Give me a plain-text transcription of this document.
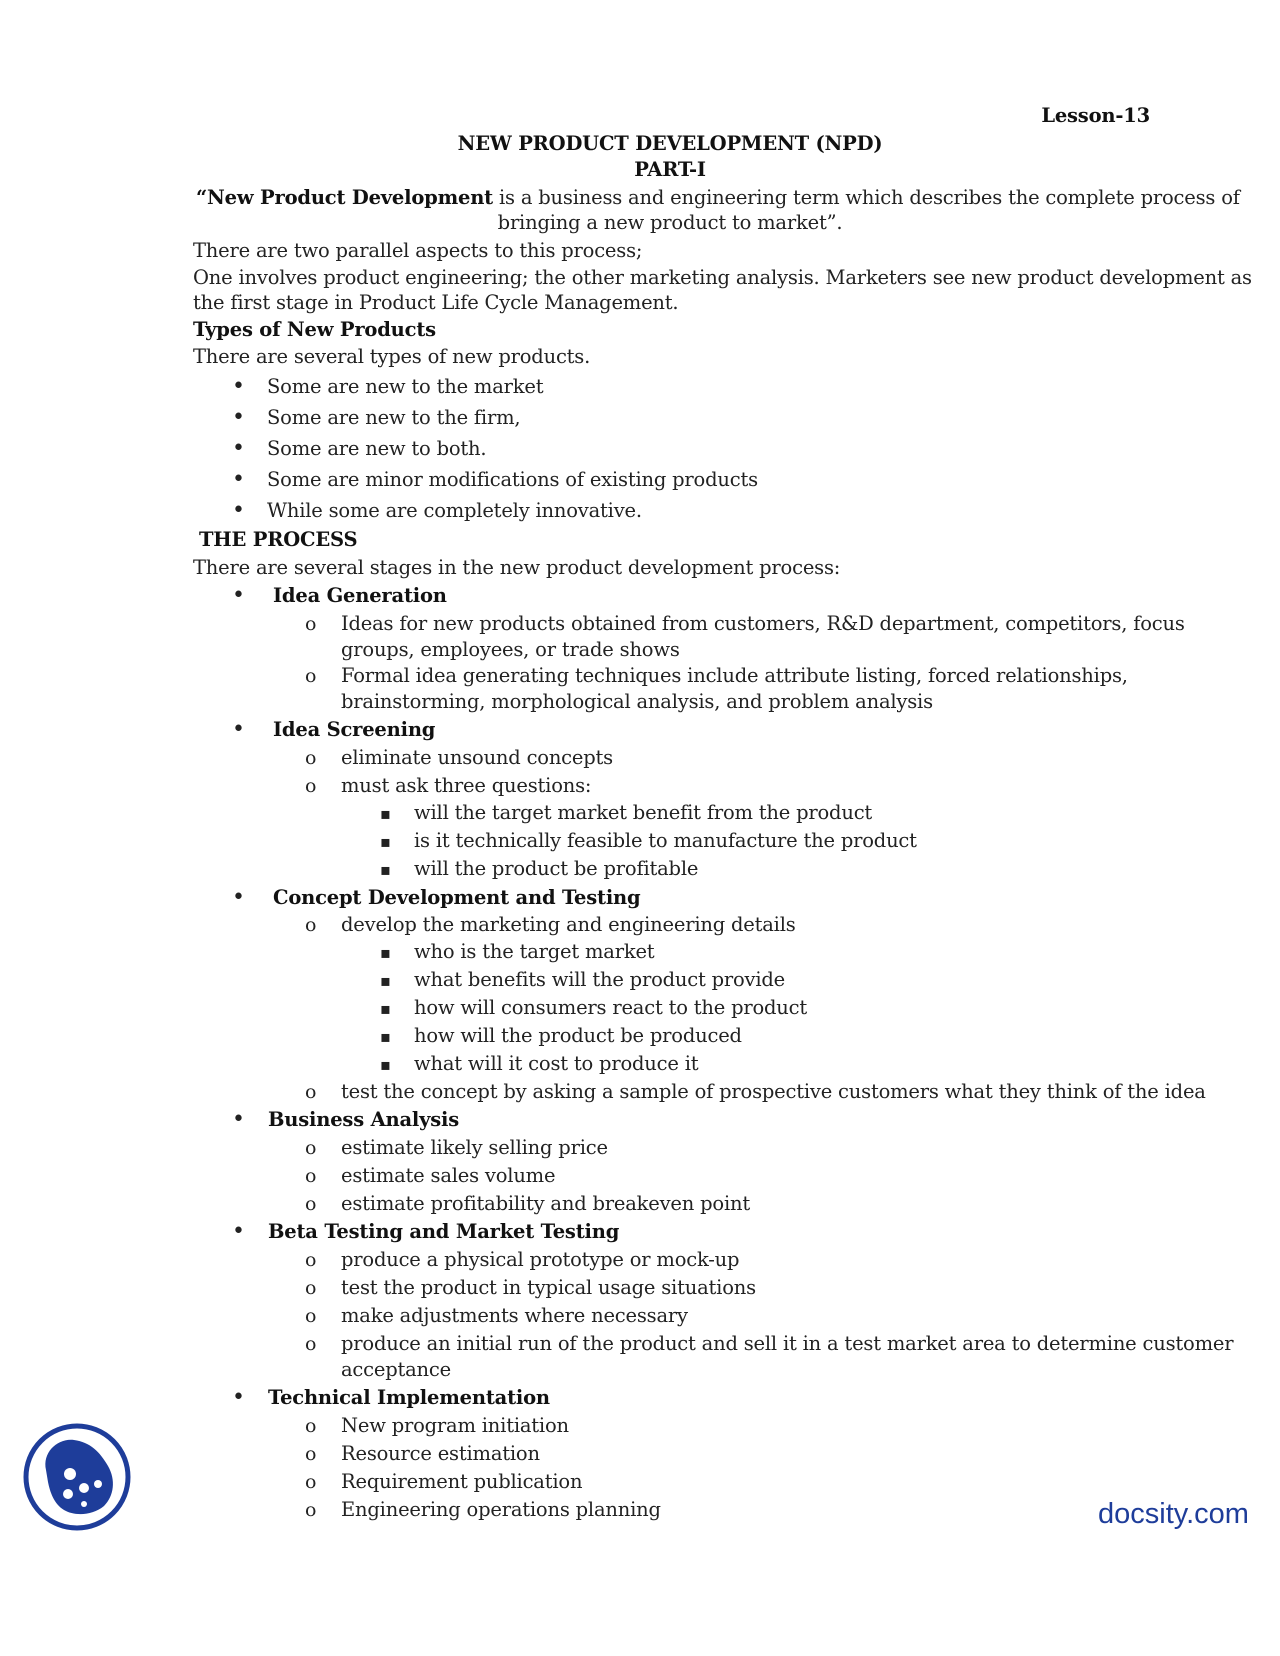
Lesson-13
NEW PRODUCT DEVELOPMENT (NPD)
PART-I
“New Product Development is a business and engineering term which describes the complete process of
bringing a new product to market”.
There are two parallel aspects to this process;
One involves product engineering; the other marketing analysis. Marketers see new product development as
the first stage in Product Life Cycle Management.
Types of New Products
There are several types of new products.
•
Some are new to the market
•
Some are new to the firm,
•
Some are new to both.
•
Some are minor modifications of existing products
•
While some are completely innovative.
THE PROCESS
There are several stages in the new product development process:
•
Idea Generation
o
Ideas for new products obtained from customers, R&D department, competitors, focus
groups, employees, or trade shows
o
Formal idea generating techniques include attribute listing, forced relationships,
brainstorming, morphological analysis, and problem analysis
•
Idea Screening
o
eliminate unsound concepts
o
must ask three questions:
▪
will the target market benefit from the product
▪
is it technically feasible to manufacture the product
▪
will the product be profitable
•
Concept Development and Testing
o
develop the marketing and engineering details
▪
who is the target market
▪
what benefits will the product provide
▪
how will consumers react to the product
▪
how will the product be produced
▪
what will it cost to produce it
o
test the concept by asking a sample of prospective customers what they think of the idea
•
Business Analysis
o
estimate likely selling price
o
estimate sales volume
o
estimate profitability and breakeven point
•
Beta Testing and Market Testing
o
produce a physical prototype or mock-up
o
test the product in typical usage situations
o
make adjustments where necessary
o
produce an initial run of the product and sell it in a test market area to determine customer
acceptance
•
Technical Implementation
o
New program initiation
o
Resource estimation
o
Requirement publication
o
Engineering operations planning	docsity.com
